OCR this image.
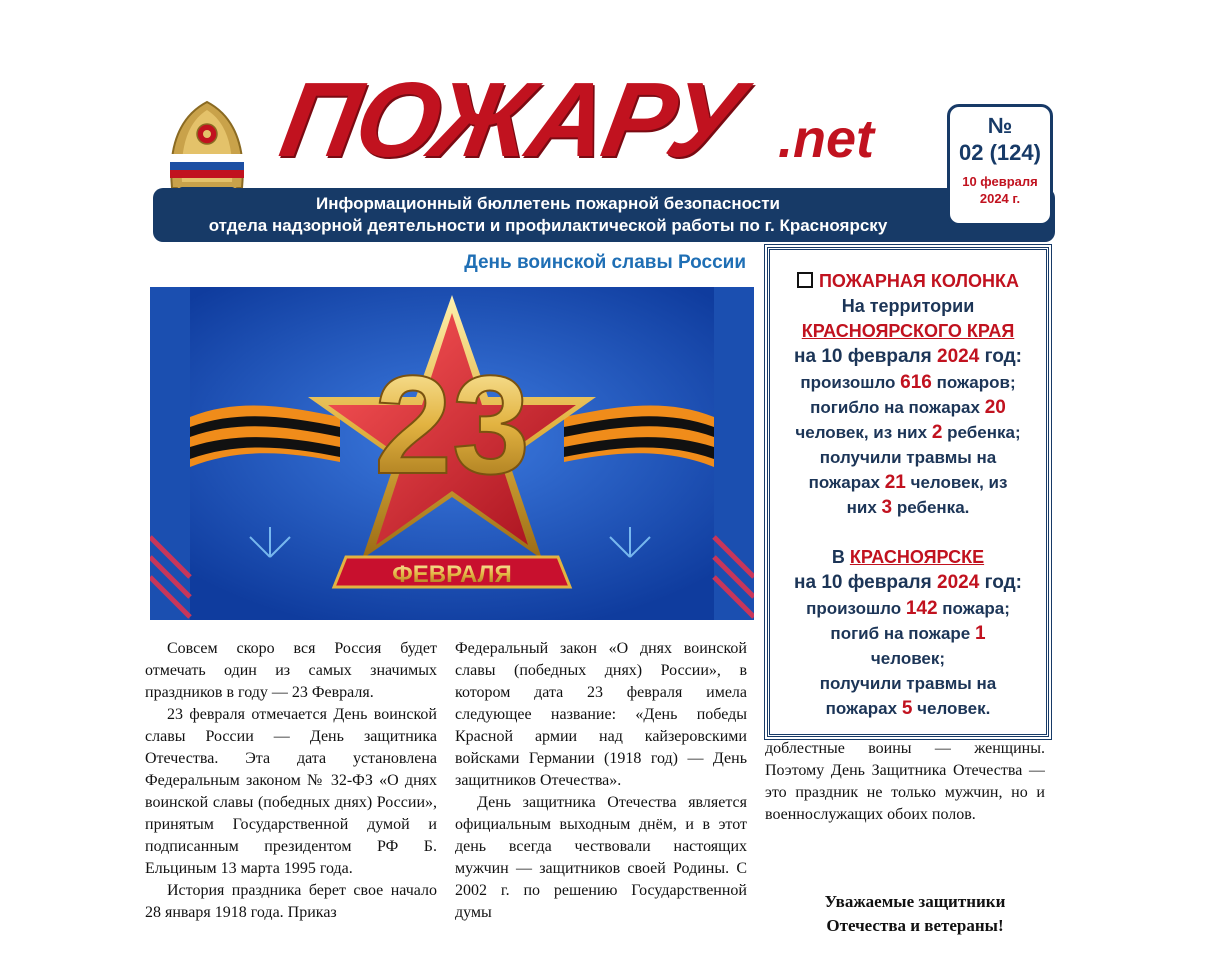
ПОЖАРУ .net
Информационный бюллетень пожарной безопасности
отдела надзорной деятельности и профилактической работы по г. Красноярску
№
02 (124)
10 февраля
2024 г.
День воинской славы России
23
ФЕВРАЛЯ

Совсем скоро вся Россия будет отмечать один из самых значимых праздников в году — 23 Февраля.

23 февраля отмечается День воинской славы России — День защитника Отечества. Эта дата установлена Федеральным законом № 32-ФЗ «О днях воинской славы (победных днях) России», принятым Государственной думой и подписанным президентом РФ Б. Ельциным 13 марта 1995 года.

История праздника берет свое начало 28 января 1918 года. Приказ

Федеральный закон «О днях воинской славы (победных днях) России», в котором дата 23 февраля имела следующее название: «День победы Красной армии над кайзеровскими войсками Германии (1918 год) — День защитников Отечества».

День защитника Отечества является официальным выходным днём, и в этот день всегда чествовали настоящих мужчин — защитников своей Родины. С 2002 г. по решению Государственной думы

доблестные воины — женщины. Поэтому День Защитника Отечества — это праздник не только мужчин, но и военнослужащих обоих полов.

ПОЖАРНАЯ КОЛОНКА
На территории
КРАСНОЯРСКОГО КРАЯ
на 10 февраля 2024 год:
произошло 616 пожаров;
погибло на пожарах 20
человек, из них 2 ребенка;
получили травмы на
пожарах 21 человек, из
них 3 ребенка.
В КРАСНОЯРСКЕ
на 10 февраля 2024 год:
произошло 142 пожара;
погиб на пожаре 1
человек;
получили травмы на
пожарах 5 человек.
Уважаемые защитники
Отечества и ветераны!
